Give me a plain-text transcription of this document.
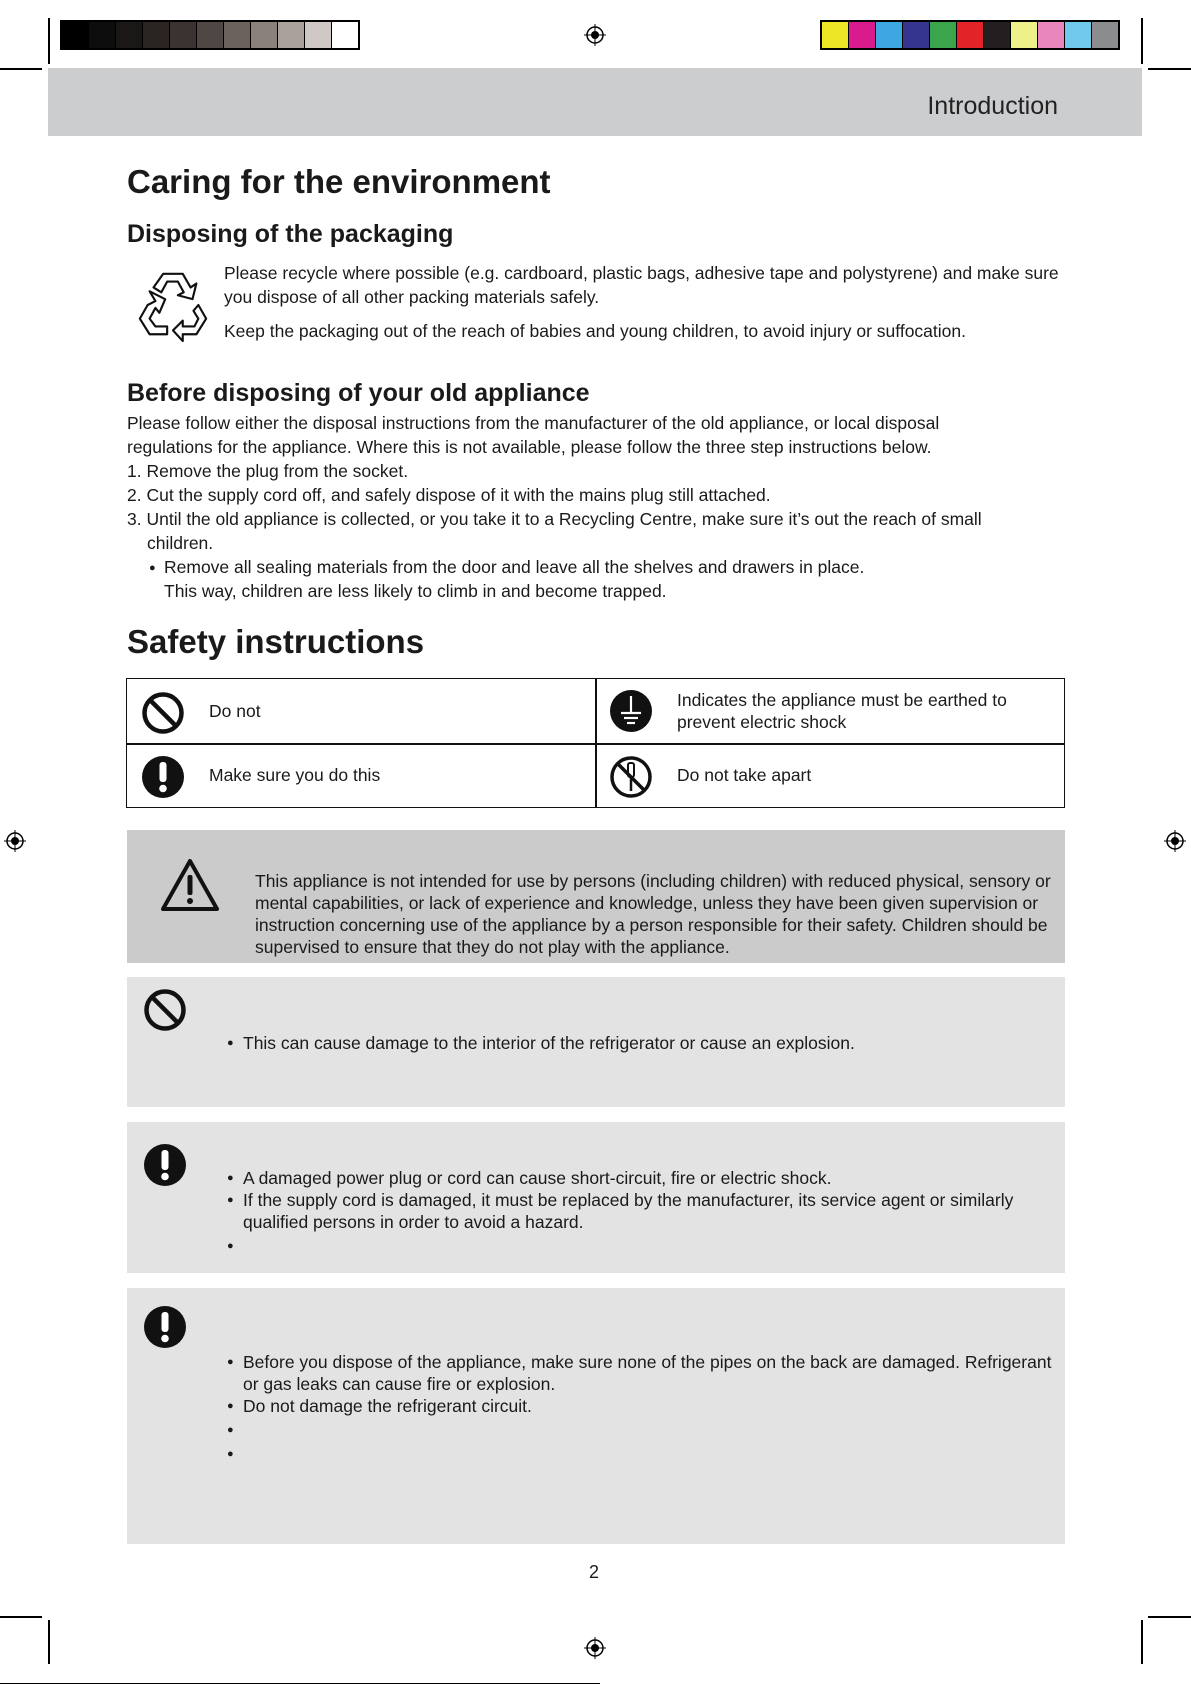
Introduction
Caring for the environment
Disposing of the packaging
Please recycle where possible (e.g. cardboard, plastic bags, adhesive tape and polystyrene) and make sure you dispose of all other packing materials safely.
Keep the packaging out of the reach of babies and young children, to avoid injury or suffocation.
Before disposing of your old appliance
Please follow either the disposal instructions from the manufacturer of the old appliance, or local disposal
regulations for the appliance. Where this is not available, please follow the three step instructions below.
1. Remove the plug from the socket.
2. Cut the supply cord off, and safely dispose of it with the mains plug still attached.
3. Until the old appliance is collected, or you take it to a Recycling Centre, make sure it’s out the reach of small
children.
● Remove all sealing materials from the door and leave all the shelves and drawers in place.
This way, children are less likely to climb in and become trapped.
Safety instructions
Do not
Make sure you do this
Indicates the appliance must be earthed to prevent electric shock
Do not take apart
This appliance is not intended for use by persons (including children) with reduced physical, sensory or mental capabilities, or lack of experience and knowledge, unless they have been given supervision or instruction concerning use of the appliance by a person responsible for their safety. Children should be supervised to ensure that they do not play with the appliance.
● This can cause damage to the interior of the refrigerator or cause an explosion.
● A damaged power plug or cord can cause short-circuit, fire or electric shock.
● If the supply cord is damaged, it must be replaced by the manufacturer, its service agent or similarly qualified persons in order to avoid a hazard.
●
● Before you dispose of the appliance, make sure none of the pipes on the back are damaged. Refrigerant or gas leaks can cause fire or explosion.
● Do not damage the refrigerant circuit.
●
●
2
